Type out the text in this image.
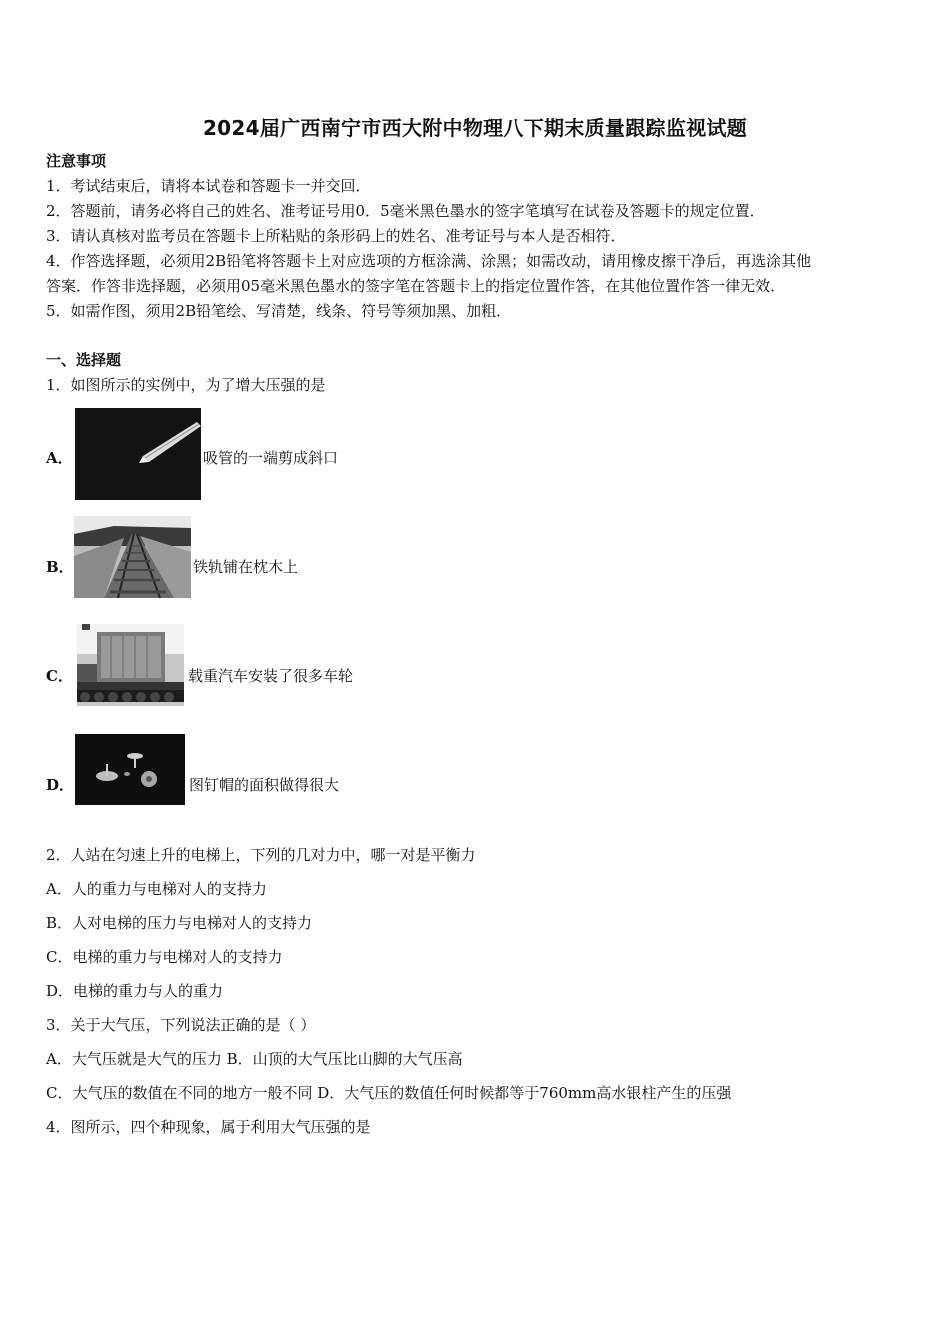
2024届广西南宁市西大附中物理八下期末质量跟踪监视试题
注意事项
1．考试结束后，请将本试卷和答题卡一并交回．
2．答题前，请务必将自己的姓名、准考证号用0．5毫米黑色墨水的签字笔填写在试卷及答题卡的规定位置．
3．请认真核对监考员在答题卡上所粘贴的条形码上的姓名、准考证号与本人是否相符．
4．作答选择题，必须用2B铅笔将答题卡上对应选项的方框涂满、涂黑；如需改动，请用橡皮擦干净后，再选涂其他
答案．作答非选择题，必须用05毫米黑色墨水的签字笔在答题卡上的指定位置作答，在其他位置作答一律无效．
5．如需作图，须用2B铅笔绘、写清楚，线条、符号等须加黑、加粗．
一、选择题
1．如图所示的实例中，为了增大压强的是
A．	吸管的一端剪成斜口
B．	铁轨铺在枕木上
C．	载重汽车安装了很多车轮
D．	图钉帽的面积做得很大
2．人站在匀速上升的电梯上，下列的几对力中，哪一对是平衡力
A．人的重力与电梯对人的支持力
B．人对电梯的压力与电梯对人的支持力
C．电梯的重力与电梯对人的支持力
D．电梯的重力与人的重力
3．关于大气压，下列说法正确的是（ ）
A．大气压就是大气的压力 B．山顶的大气压比山脚的大气压高
C．大气压的数值在不同的地方一般不同 D．大气压的数值任何时候都等于760mm高水银柱产生的压强
4．图所示，四个种现象，属于利用大气压强的是
